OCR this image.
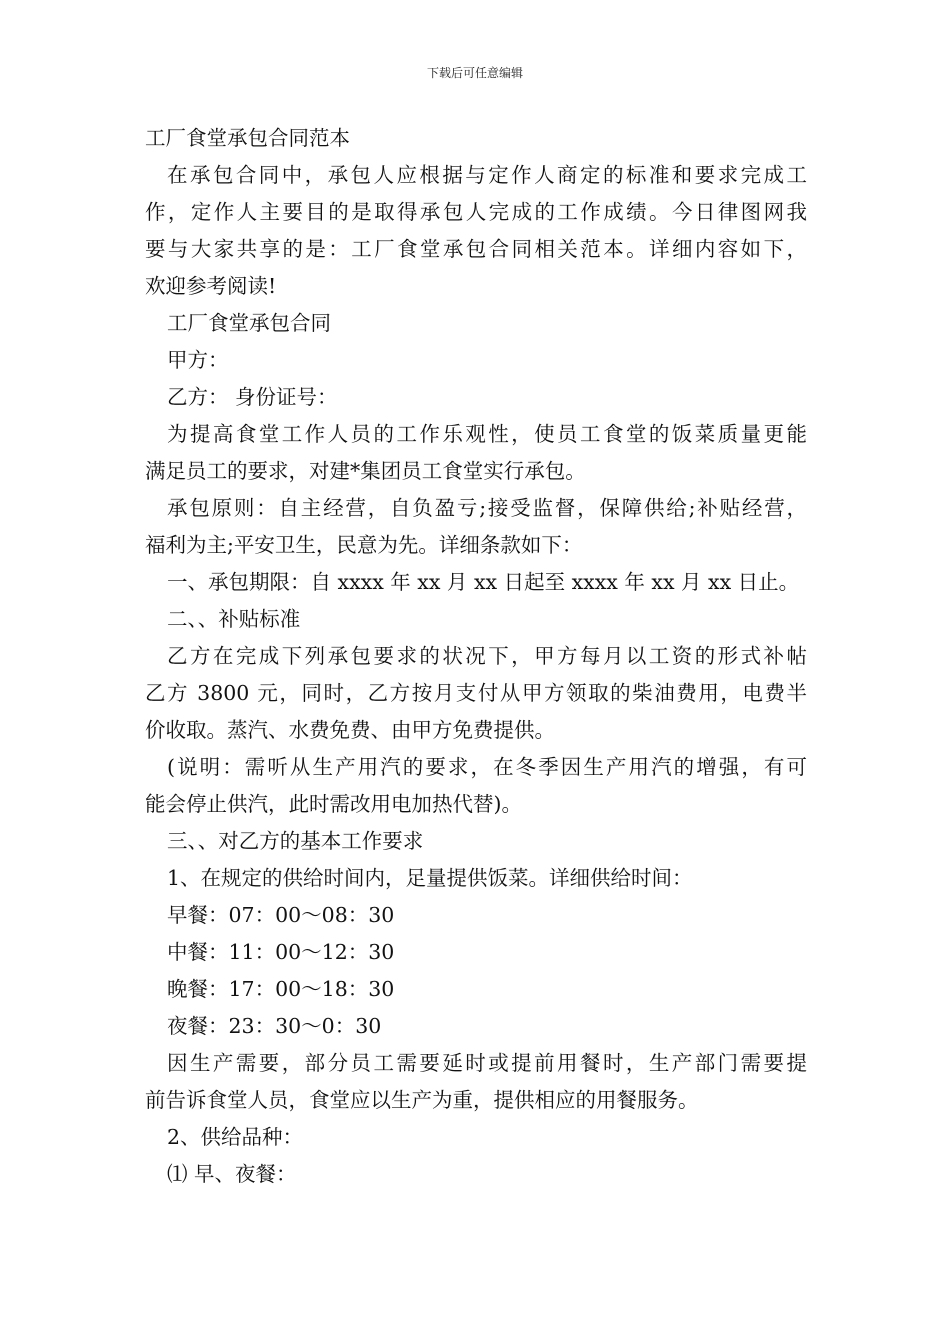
下载后可任意编辑
工厂食堂承包合同范本
在承包合同中，承包人应根据与定作人商定的标准和要求完成工
作，定作人主要目的是取得承包人完成的工作成绩。今日律图网我
要与大家共享的是：工厂食堂承包合同相关范本。详细内容如下，
欢迎参考阅读!
工厂食堂承包合同
甲方：
乙方： 身份证号：
为提高食堂工作人员的工作乐观性，使员工食堂的饭菜质量更能
满足员工的要求，对建*集团员工食堂实行承包。
承包原则：自主经营，自负盈亏;接受监督，保障供给;补贴经营，
福利为主;平安卫生，民意为先。详细条款如下：
一、承包期限：自 xxxx 年 xx 月 xx 日起至 xxxx 年 xx 月 xx 日止。
二、、补贴标准
乙方在完成下列承包要求的状况下，甲方每月以工资的形式补帖
乙方 3800 元，同时，乙方按月支付从甲方领取的柴油费用，电费半
价收取。蒸汽、水费免费、由甲方免费提供。
(说明：需听从生产用汽的要求，在冬季因生产用汽的增强，有可
能会停止供汽，此时需改用电加热代替)。
三、、对乙方的基本工作要求
1、在规定的供给时间内，足量提供饭菜。详细供给时间：
早餐：07：00～08：30
中餐：11：00～12：30
晚餐：17：00～18：30
夜餐：23：30～0：30
因生产需要，部分员工需要延时或提前用餐时，生产部门需要提
前告诉食堂人员，食堂应以生产为重，提供相应的用餐服务。
2、供给品种：
⑴ 早、夜餐：
